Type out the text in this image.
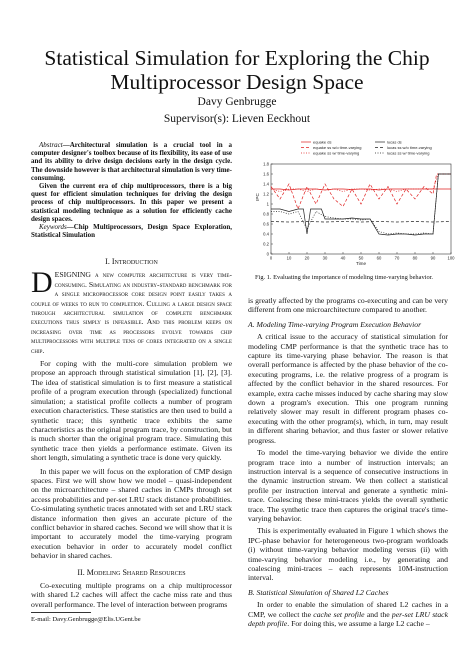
Statistical Simulation for Exploring the Chip Multiprocessor Design Space
Davy Genbrugge
Supervisor(s): Lieven Eeckhout

Abstract—Architectural simulation is a crucial tool in a computer designer's toolbox because of its flexibility, its ease of use and its ability to drive design decisions early in the design cycle. The downside however is that architectural simulation is very time-consuming.

Given the current era of chip multiprocessors, there is a big quest for efficient simulation techniques for driving the design process of chip multiprocessors. In this paper we present a statistical modeling technique as a solution for efficiently cache design spaces.

Keywords—Chip Multiprocessors, Design Space Exploration, Statistical Simulation

I. Introduction

DESIGNING a new computer architecture is very time-consuming. Simulating an industry-standard benchmark for a single microprocessor core design point easily takes a couple of weeks to run to completion. Culling a large design space through architectural simulation of complete benchmark executions thus simply is infeasible. And this problem keeps on increasing over time as processors evolve towards chip multiprocessors with multiple tens of cores integrated on a single chip.

For coping with the multi-core simulation problem we propose an approach through statistical simulation [1], [2], [3]. The idea of statistical simulation is to first measure a statistical profile of a program execution through (specialized) functional simulation; a statistical profile collects a number of program execution characteristics. These statistics are then used to build a synthetic trace; this synthetic trace exhibits the same characteristics as the original program trace, by construction, but is much shorter than the original program trace. Simulating this synthetic trace then yields a performance estimate. Given its short length, simulating a synthetic trace is done very quickly.

In this paper we will focus on the exploration of CMP design spaces. First we will show how we model – quasi-independent on the microarchitecture – shared caches in CMPs through set access probabilities and per-set LRU stack distance probabilities. Co-simulating synthetic traces annotated with set and LRU stack distance information then gives an accurate picture of the conflict behavior in shared caches. Second we will show that it is important to accurately model the time-varying program execution behavior in order to accurately model conflict behavior in shared caches.

II. Modeling Shared Resources

Co-executing multiple programs on a chip multiprocessor with shared L2 caches will affect the cache miss rate and thus overall performance. The level of interaction between programs

E-mail: Davy.Genbrugge@Elis.UGent.be
0
0.2
0.4
0.6
0.8
1
1.2
1.4
1.6
1.8
0	10	20	30	40	50	60	70	80	90	100
Time
IPC
equake ds
equake ss w/o time-varying
equake ss w/ time-varying
lucas ds
lucas ss w/o time-varying
lucas ss w/ time-varying
Fig. 1. Evaluating the importance of modeling time-varying behavior.

is greatly affected by the programs co-executing and can be very different from one microarchitecture compared to another.

A. Modeling Time-varying Program Execution Behavior

A critical issue to the accuracy of statistical simulation for modeling CMP performance is that the synthetic trace has to capture its time-varying phase behavior. The reason is that overall performance is affected by the phase behavior of the co-executing programs, i.e. the relative progress of a program is affected by the conflict behavior in the shared resources. For example, extra cache misses induced by cache sharing may slow down a program's execution. This one program running relatively slower may result in different program phases co-executing with the other program(s), which, in turn, may result in different sharing behavior, and thus faster or slower relative progress.

To model the time-varying behavior we divide the entire program trace into a number of instruction intervals; an instruction interval is a sequence of consecutive instructions in the dynamic instruction stream. We then collect a statistical profile per instruction interval and generate a synthetic mini-trace. Coalescing these mini-traces yields the overall synthetic trace. The synthetic trace then captures the original trace's time-varying behavior.

This is experimentally evaluated in Figure 1 which shows the IPC-phase behavior for heterogeneous two-program workloads (i) without time-varying behavior modeling versus (ii) with time-varying behavior modeling i.e., by generating and coalescing mini-traces – each represents 10M-instruction interval.

B. Statistical Simulation of Shared L2 Caches

In order to enable the simulation of shared L2 caches in a CMP, we collect the cache set profile and the per-set LRU stack depth profile. For doing this, we assume a large L2 cache –
